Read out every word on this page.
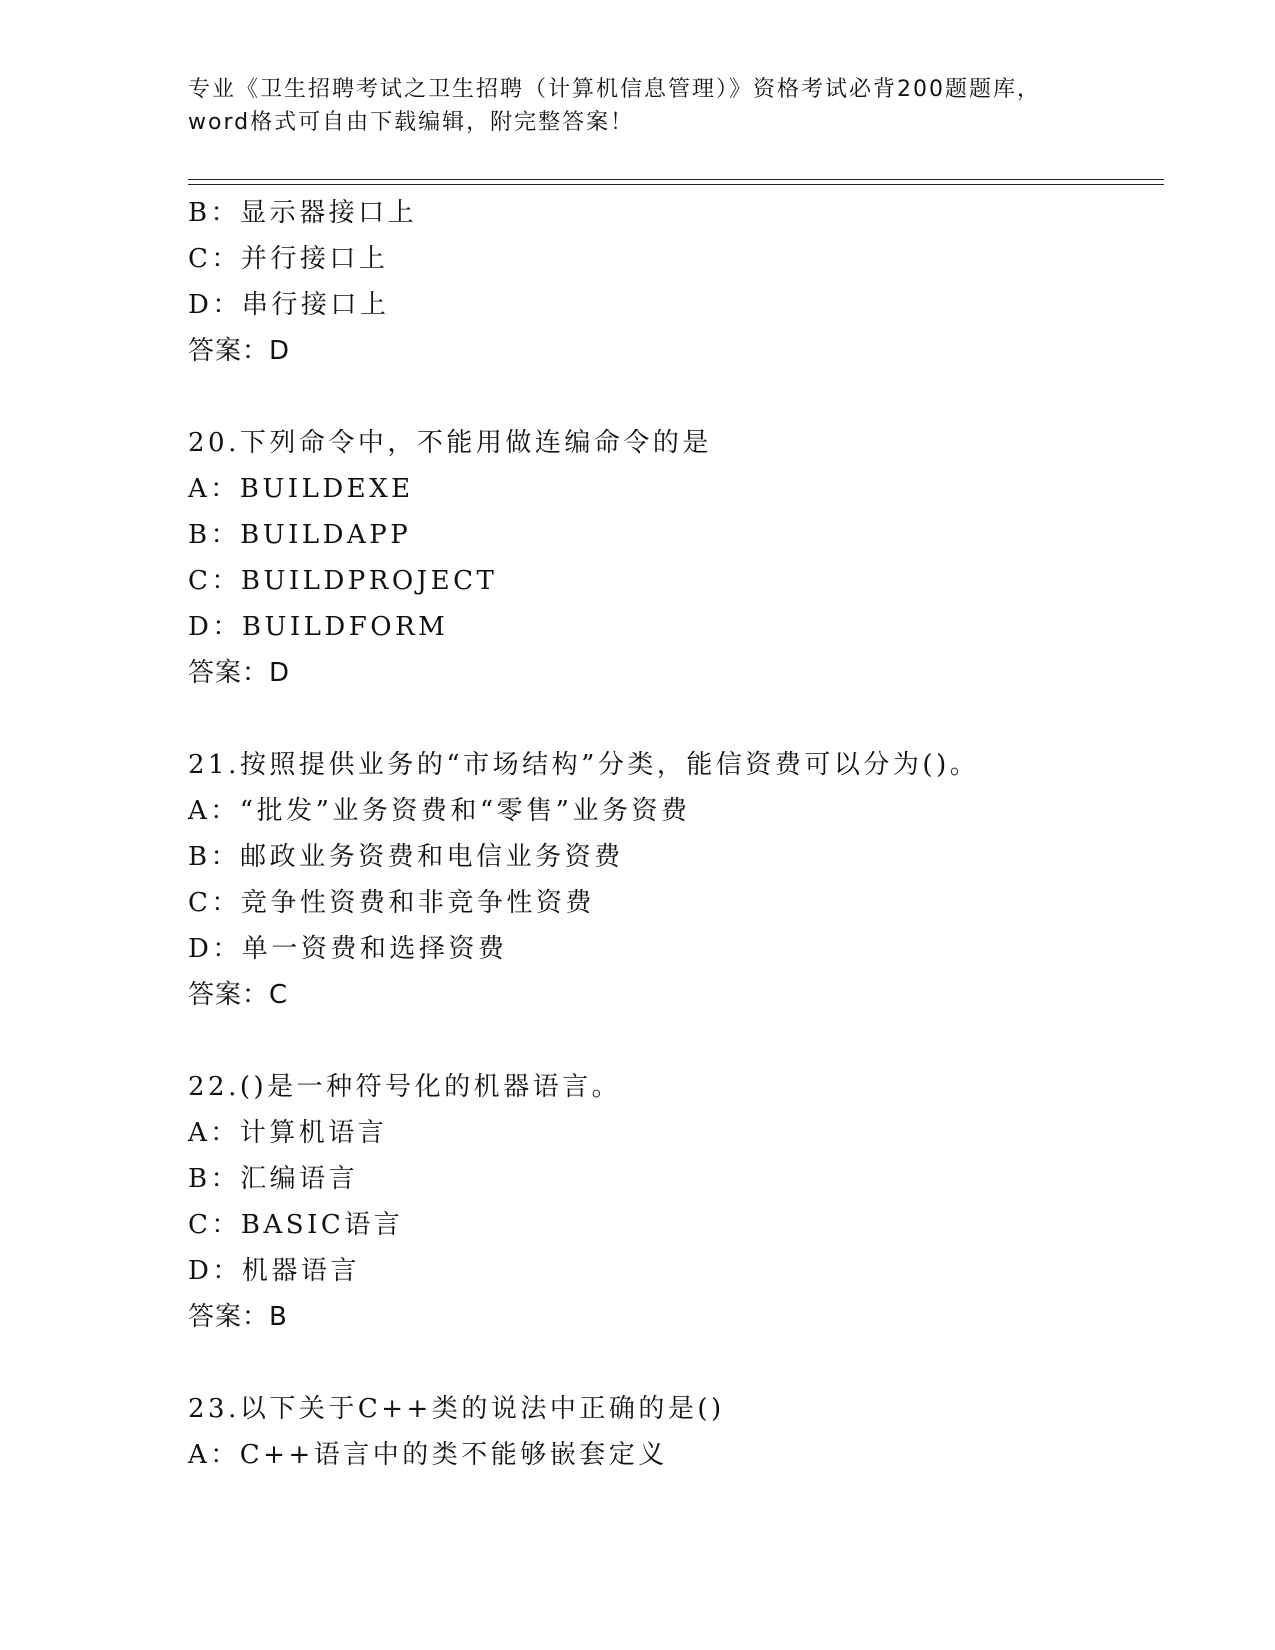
专业《卫生招聘考试之卫生招聘（计算机信息管理）》资格考试必背200题题库，
word格式可自由下载编辑，附完整答案！
B：显示器接口上
C：并行接口上
D：串行接口上
答案：D
20.下列命令中，不能用做连编命令的是
A：BUILDEXE
B：BUILDAPP
C：BUILDPROJECT
D：BUILDFORM
答案：D
21.按照提供业务的“市场结构”分类，能信资费可以分为()。
A：“批发”业务资费和“零售”业务资费
B：邮政业务资费和电信业务资费
C：竞争性资费和非竞争性资费
D：单一资费和选择资费
答案：C
22.()是一种符号化的机器语言。
A：计算机语言
B：汇编语言
C：BASIC语言
D：机器语言
答案：B
23.以下关于C++类的说法中正确的是()
A：C++语言中的类不能够嵌套定义
